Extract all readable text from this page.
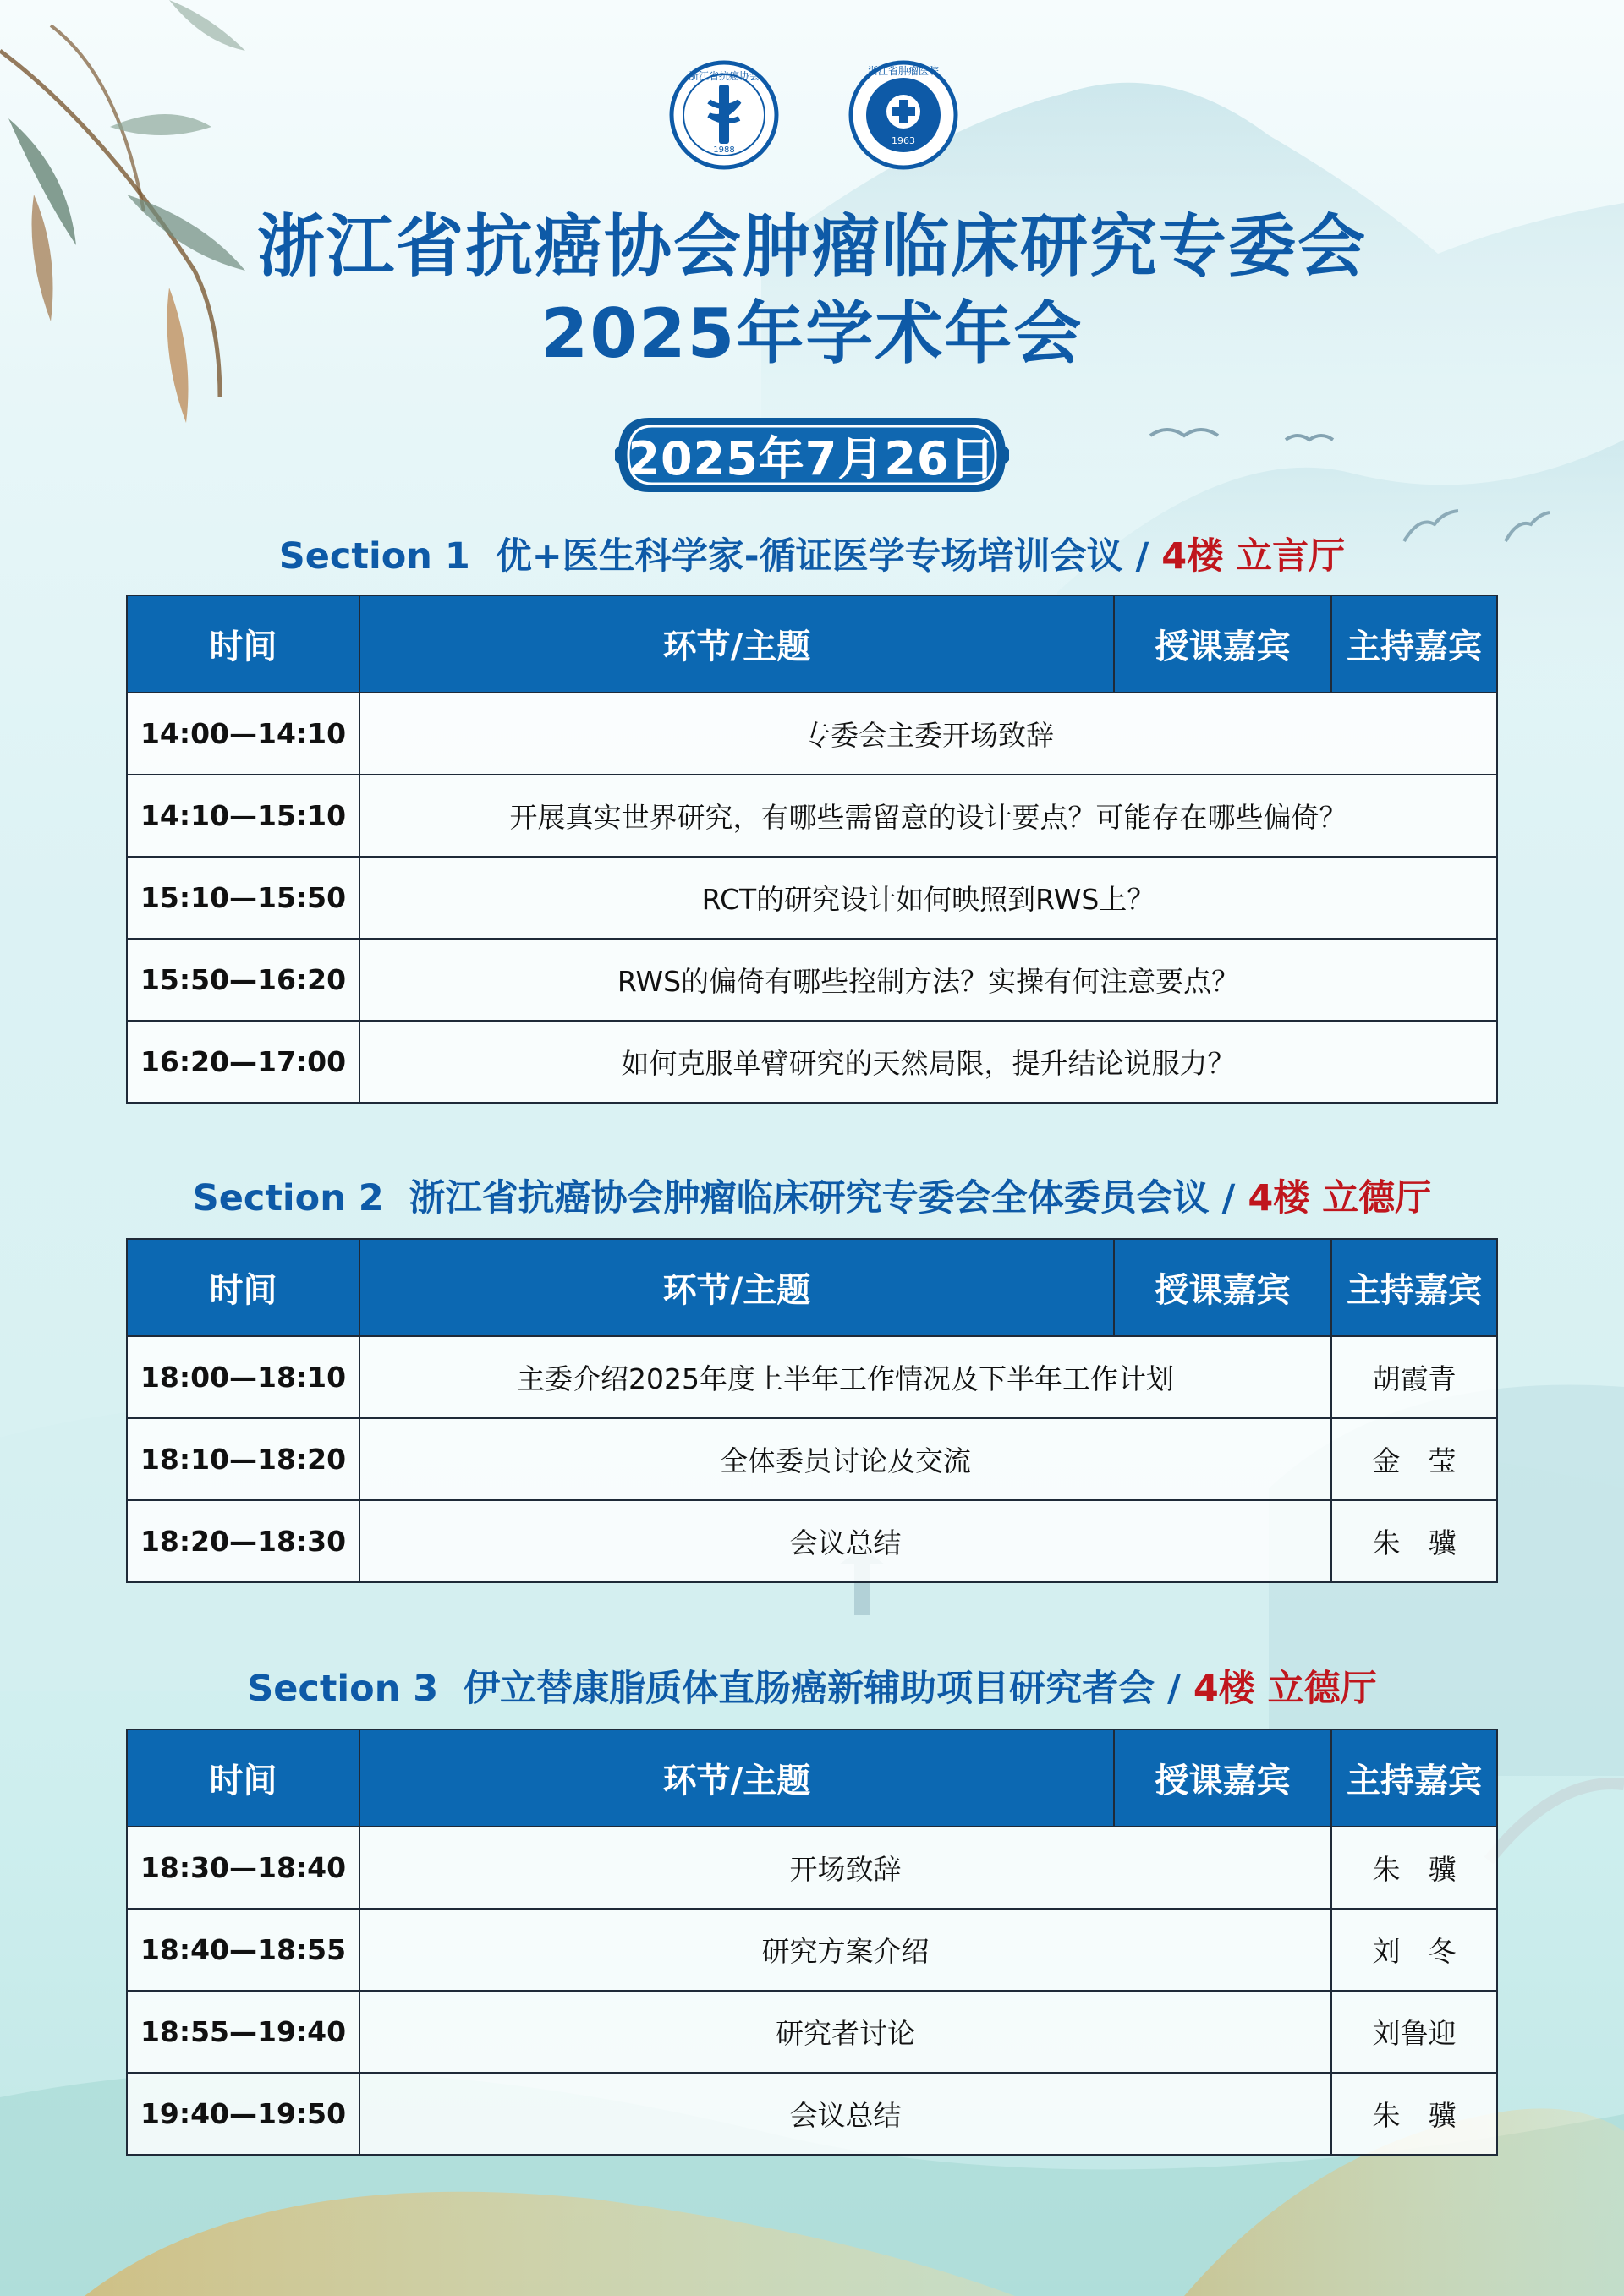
1988
浙江省抗癌协会
1963
浙江省肿瘤医院
浙江省抗癌协会肿瘤临床研究专委会
2025年学术年会
2025年7月26日
Section 1 优+医生科学家-循证医学专场培训会议 / 4楼 立言厅
时间	环节/主题	授课嘉宾	主持嘉宾
14:00—14:10	专委会主委开场致辞		
14:10—15:10	开展真实世界研究，有哪些需留意的设计要点？可能存在哪些偏倚？		
15:10—15:50	RCT的研究设计如何映照到RWS上？		
15:50—16:20	RWS的偏倚有哪些控制方法？实操有何注意要点？		
16:20—17:00	如何克服单臂研究的天然局限，提升结论说服力？		
Section 2 浙江省抗癌协会肿瘤临床研究专委会全体委员会议 / 4楼 立德厅
时间	环节/主题	授课嘉宾	主持嘉宾
18:00—18:10	主委介绍2025年度上半年工作情况及下半年工作计划		胡霞青
18:10—18:20	全体委员讨论及交流		金　莹
18:20—18:30	会议总结		朱　骥
Section 3 伊立替康脂质体直肠癌新辅助项目研究者会 / 4楼 立德厅
时间	环节/主题	授课嘉宾	主持嘉宾
18:30—18:40	开场致辞		朱　骥
18:40—18:55	研究方案介绍		刘　冬
18:55—19:40	研究者讨论		刘鲁迎
19:40—19:50	会议总结		朱　骥
